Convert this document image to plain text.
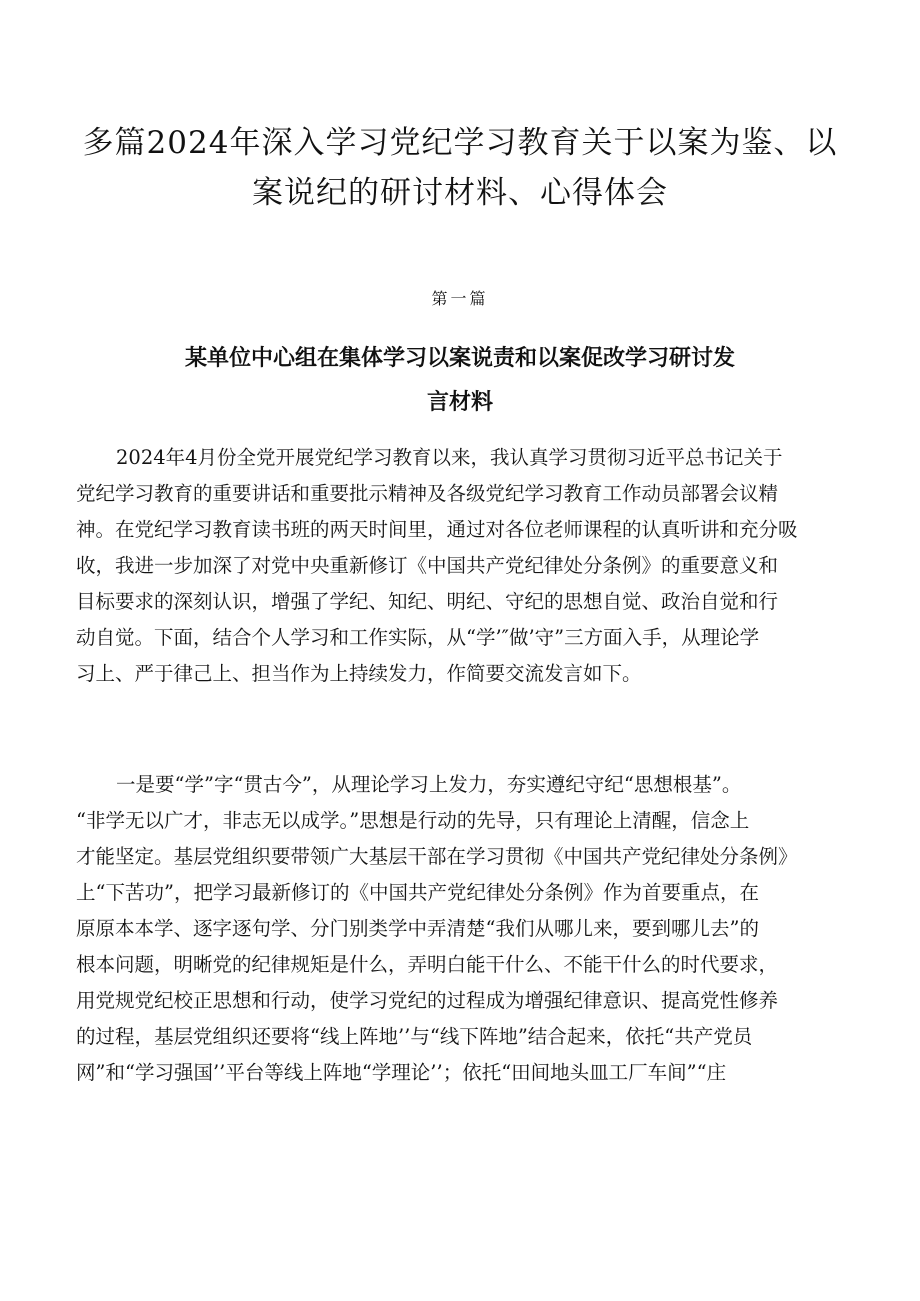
多篇2024年深入学习党纪学习教育关于以案为鉴、以
案说纪的研讨材料、心得体会
第一篇
某单位中心组在集体学习以案说责和以案促改学习研讨发
言材料
2024年4月份全党开展党纪学习教育以来，我认真学习贯彻习近平总书记关于
党纪学习教育的重要讲话和重要批示精神及各级党纪学习教育工作动员部署会议精
神。在党纪学习教育读书班的两天时间里，通过对各位老师课程的认真听讲和充分吸
收，我进一步加深了对党中央重新修订《中国共产党纪律处分条例》的重要意义和
目标要求的深刻认识，增强了学纪、知纪、明纪、守纪的思想自觉、政治自觉和行
动自觉。下面，结合个人学习和工作实际，从“学’″做’守”三方面入手，从理论学
习上、严于律己上、担当作为上持续发力，作简要交流发言如下。
一是要“学”字“贯古今”，从理论学习上发力，夯实遵纪守纪“思想根基”。
“非学无以广才，非志无以成学。”思想是行动的先导，只有理论上清醒，信念上
才能坚定。基层党组织要带领广大基层干部在学习贯彻《中国共产党纪律处分条例》
上“下苦功”，把学习最新修订的《中国共产党纪律处分条例》作为首要重点，在
原原本本学、逐字逐句学、分门别类学中弄清楚“我们从哪儿来，要到哪儿去”的
根本问题，明晰党的纪律规矩是什么，弄明白能干什么、不能干什么的时代要求，
用党规党纪校正思想和行动，使学习党纪的过程成为增强纪律意识、提高党性修养
的过程，基层党组织还要将“线上阵地’’与“线下阵地”结合起来，依托“共产党员
网”和“学习强国’’平台等线上阵地“学理论’’；依托“田间地头皿工厂车间”“庄
